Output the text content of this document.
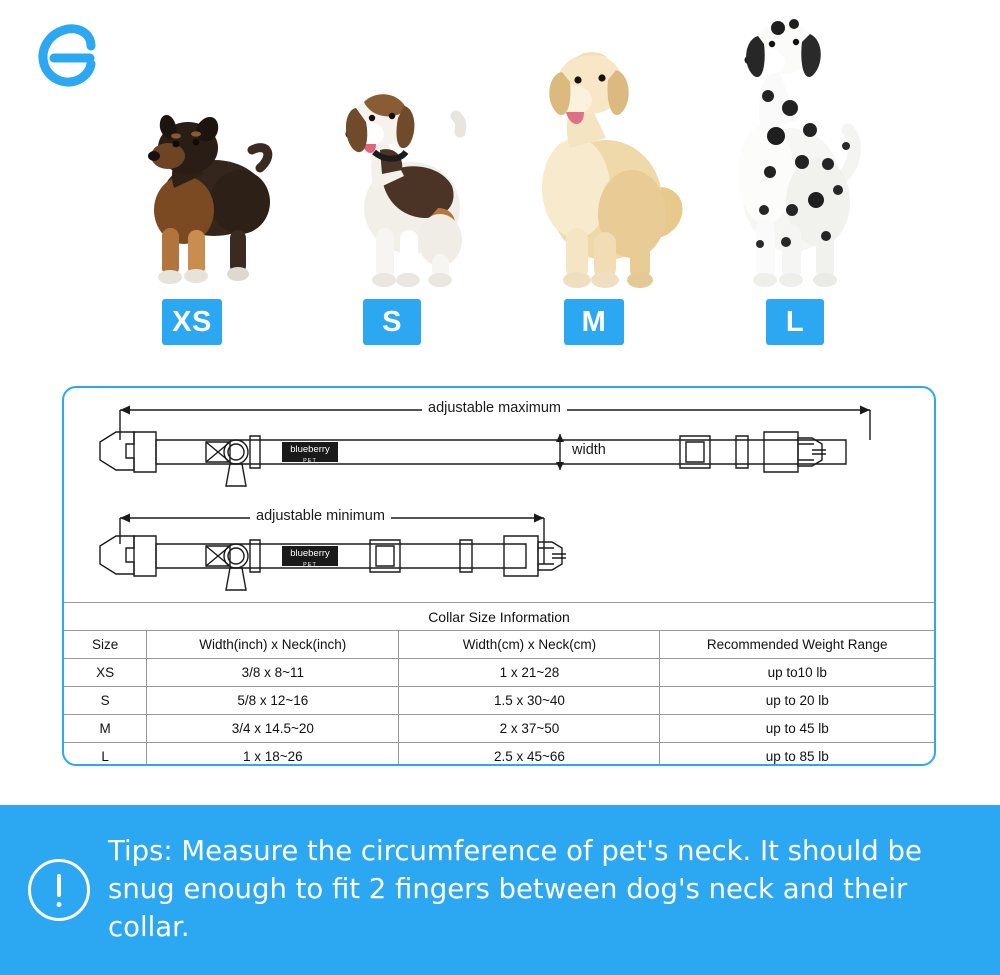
XS	S	M	L
adjustable maximum
adjustable minimum
width
blueberry
PET
blueberry
PET
Collar Size Information			
Size	Width(inch) x Neck(inch)	Width(cm) x Neck(cm)	Recommended Weight Range
XS	3/8 x 8~11	1 x 21~28	up to10 lb
S	5/8 x 12~16	1.5 x 30~40	up to 20 lb
M	3/4 x 14.5~20	2 x 37~50	up to 45 lb
L	1 x 18~26	2.5 x 45~66	up to 85 lb
Tips: Measure the circumference of pet's neck. It should be snug enough to fit 2 fingers between dog's neck and their collar.
